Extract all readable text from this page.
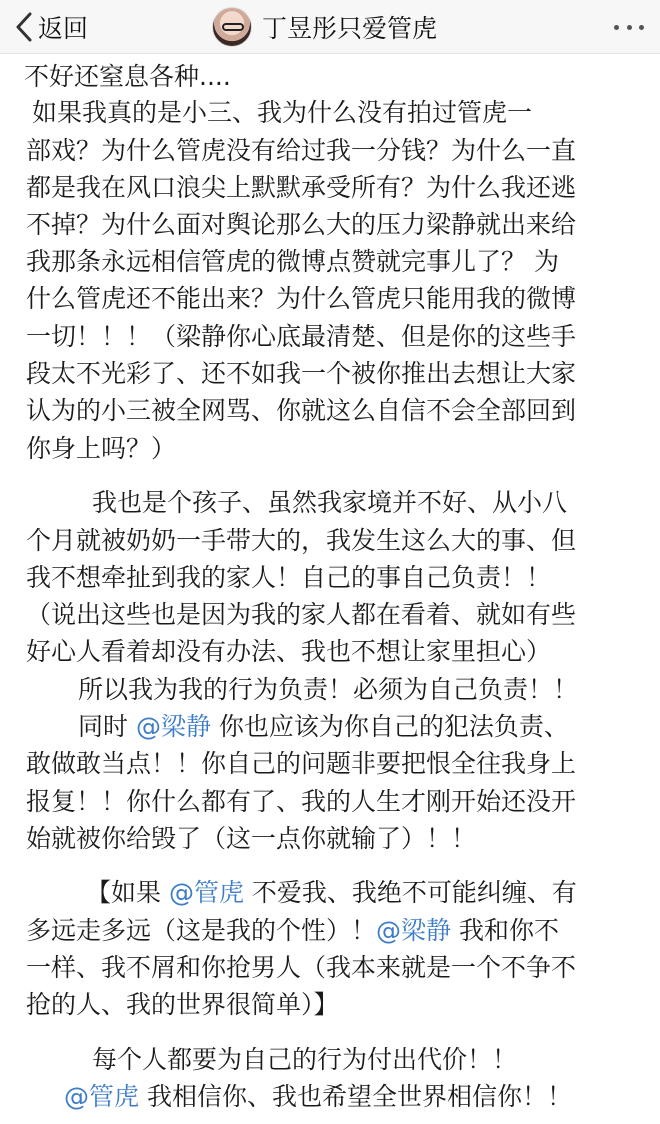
返回	丁昱彤只爱管虎
不好还窒息各种....
如果我真的是小三、我为什么没有拍过管虎一
部戏？为什么管虎没有给过我一分钱？为什么一直
都是我在风口浪尖上默默承受所有？为什么我还逃
不掉？为什么面对舆论那么大的压力梁静就出来给
我那条永远相信管虎的微博点赞就完事儿了？ 为
什么管虎还不能出来？为什么管虎只能用我的微博
一切！！！（梁静你心底最清楚、但是你的这些手
段太不光彩了、还不如我一个被你推出去想让大家
认为的小三被全网骂、你就这么自信不会全部回到
你身上吗？）
我也是个孩子、虽然我家境并不好、从小八
个月就被奶奶一手带大的，我发生这么大的事、但
我不想牵扯到我的家人！自己的事自己负责！！
（说出这些也是因为我的家人都在看着、就如有些
好心人看着却没有办法、我也不想让家里担心）
所以我为我的行为负责！必须为自己负责！！
同时 @梁静 你也应该为你自己的犯法负责、
敢做敢当点！！你自己的问题非要把恨全往我身上
报复！！你什么都有了、我的人生才刚开始还没开
始就被你给毁了（这一点你就输了）！！
【如果 @管虎 不爱我、我绝不可能纠缠、有
多远走多远（这是我的个性）！@梁静 我和你不
一样、我不屑和你抢男人（我本来就是一个不争不
抢的人、我的世界很简单）】
每个人都要为自己的行为付出代价！！
@管虎 我相信你、我也希望全世界相信你！！
